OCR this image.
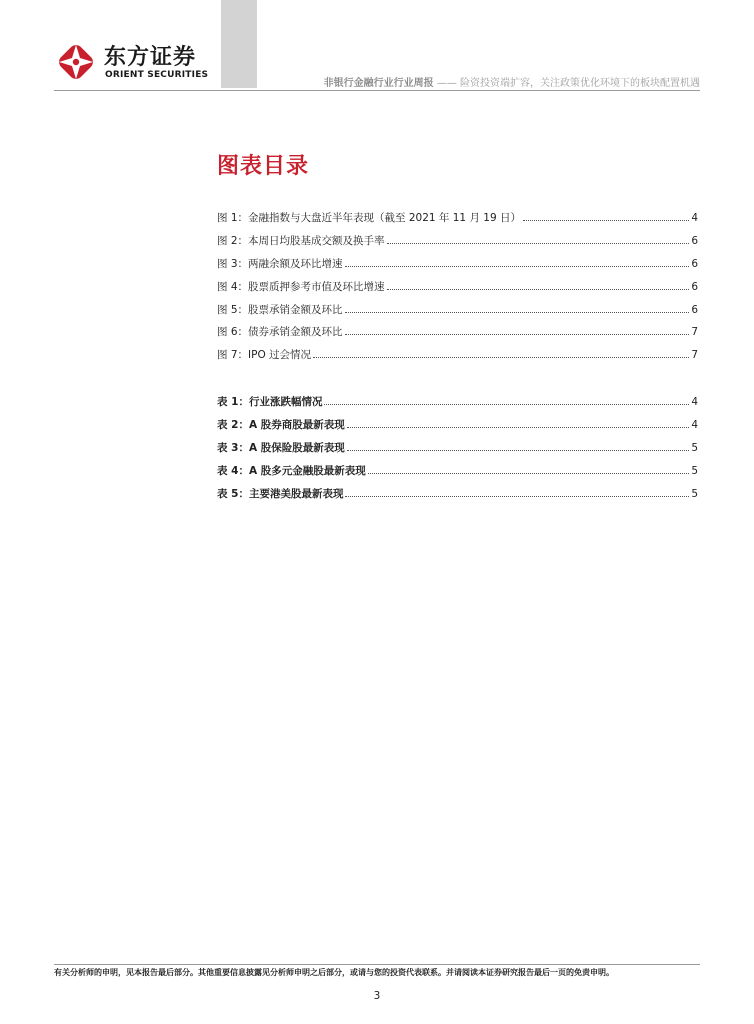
东方证券
ORIENT SECURITIES
非银行金融行业行业周报 —— 险资投资端扩容，关注政策优化环境下的板块配置机遇
图表目录
图 1：金融指数与大盘近半年表现（截至 2021 年 11 月 19 日）	4
图 2：本周日均股基成交额及换手率	6
图 3：两融余额及环比增速	6
图 4：股票质押参考市值及环比增速	6
图 5：股票承销金额及环比	6
图 6：债券承销金额及环比	7
图 7：IPO 过会情况	7
表 1：行业涨跌幅情况	4
表 2：A 股券商股最新表现	4
表 3：A 股保险股最新表现	5
表 4：A 股多元金融股最新表现	5
表 5：主要港美股最新表现	5
有关分析师的申明，见本报告最后部分。其他重要信息披露见分析师申明之后部分，或请与您的投资代表联系。并请阅读本证券研究报告最后一页的免责申明。
3
